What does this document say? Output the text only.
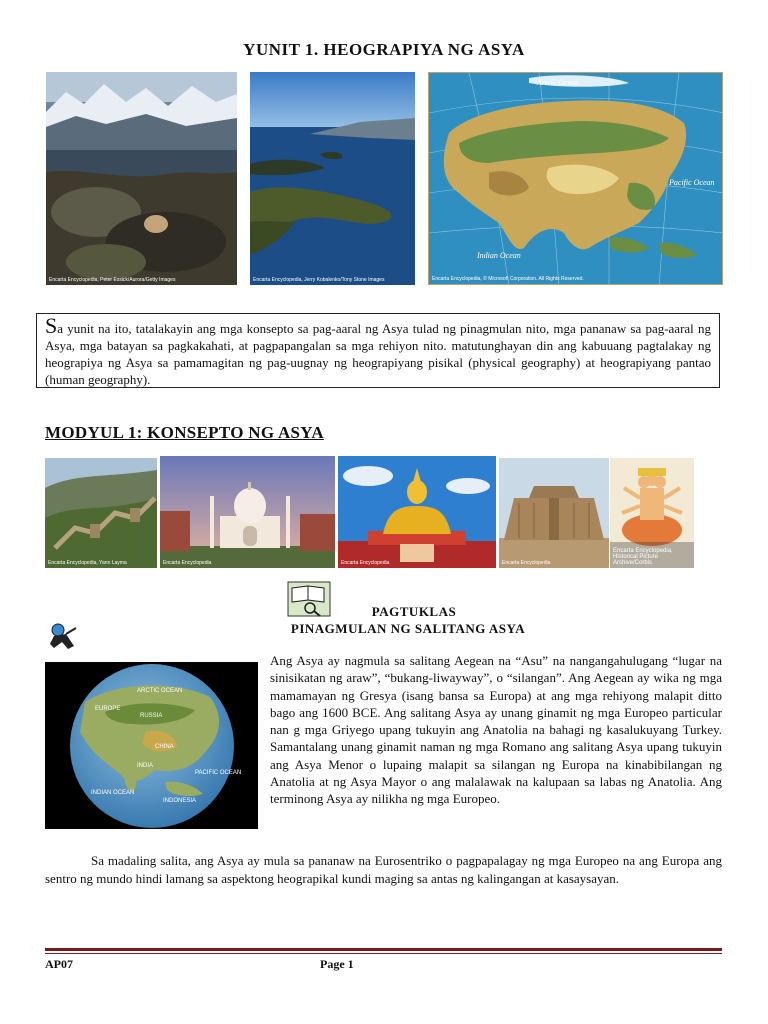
YUNIT 1. HEOGRAPIYA NG ASYA
Encarta Encyclopedia, Peter Essick/Aurora/Getty Images	Encarta Encyclopedia, Jerry Kobalenko/Tony Stone Images
Arctic Ocean
Pacific Ocean
Indian Ocean
Encarta Encyclopedia, © Microsoft Corporation. All Rights Reserved.
Sa yunit na ito, tatalakayin ang mga konsepto sa pag-aaral ng Asya tulad ng pinagmulan nito, mga pananaw sa pag-aaral ng Asya, mga batayan sa pagkakahati, at pagpapangalan sa mga rehiyon nito. matutunghayan din ang kabuuang pagtalakay ng heograpiya ng Asya sa pamamagitan ng pag-uugnay ng heograpiyang pisikal (physical geography) at heograpiyang pantao (human geography).
MODYUL 1: KONSEPTO NG ASYA
Encarta Encyclopedia, Yann Layma	Encarta Encyclopedia	Encarta Encyclopedia	Encarta Encyclopedia
Encarta Encyclopedia, Historical Picture Archive/Corbis
PAGTUKLAS
PINAGMULAN NG SALITANG ASYA
ARCTIC OCEAN
EUROPE
RUSSIA
CHINA
INDIA
PACIFIC OCEAN
INDIAN OCEAN
INDONESIA
Ang Asya ay nagmula sa salitang Aegean na “Asu” na nangangahulugang “lugar na sinisikatan ng araw”, “bukang-liwayway”, o “silangan”. Ang Aegean ay wika ng mga mamamayan ng Gresya (isang bansa sa Europa) at ang mga rehiyong malapit ditto bago ang 1600 BCE. Ang salitang Asya ay unang ginamit ng mga Europeo particular nan g mga Griyego upang tukuyin ang Anatolia na bahagi ng kasalukuyang Turkey. Samantalang unang ginamit naman ng mga Romano ang salitang Asya upang tukuyin ang Asya Menor o lupaing malapit sa silangan ng Europa na kinabibilangan ng Anatolia at ng Asya Mayor o ang malalawak na kalupaan sa labas ng Anatolia. Ang terminong Asya ay nilikha ng mga Europeo.
Sa madaling salita, ang Asya ay mula sa pananaw na Eurosentriko o pagpapalagay ng mga Europeo na ang Europa ang sentro ng mundo hindi lamang sa aspektong heograpikal kundi maging sa antas ng kalingangan at kasaysayan.
AP07	Page 1
